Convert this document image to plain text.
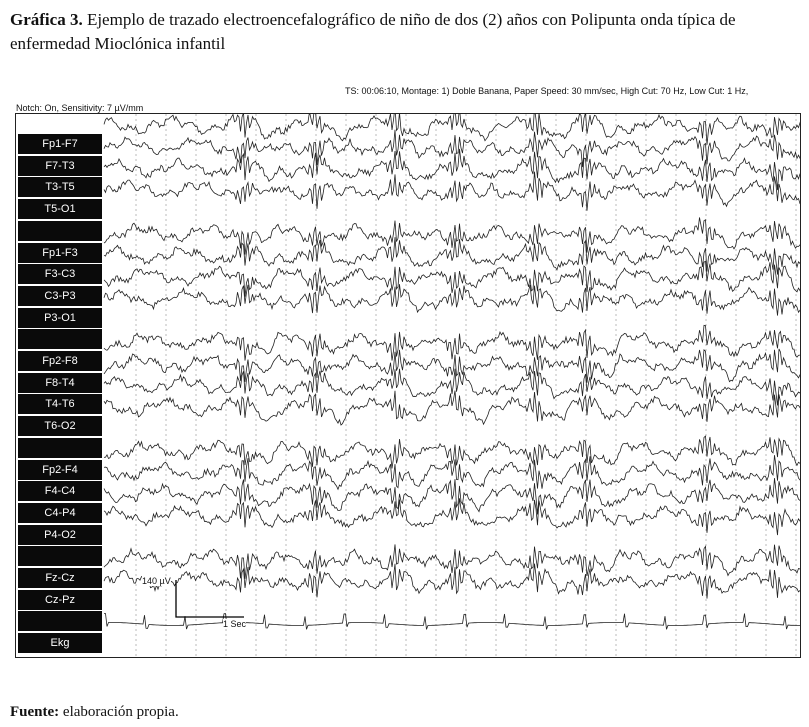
Gráfica 3. Ejemplo de trazado electroencefalográfico de niño de dos (2) años con Polipunta onda típica de enfermedad Mioclónica infantil
TS: 00:06:10, Montage: 1) Doble Banana, Paper Speed: 30 mm/sec, High Cut: 70 Hz, Low Cut: 1 Hz,
Notch: On, Sensitivity: 7 µV/mm
Fp1-F7
F7-T3
T3-T5
T5-O1
Fp1-F3
F3-C3
C3-P3
P3-O1
Fp2-F8
F8-T4
T4-T6
T6-O2
Fp2-F4
F4-C4
C4-P4
P4-O2
Fz-Cz
Cz-Pz
Ekg
140 µV
1 Sec
Fuente: elaboración propia.
